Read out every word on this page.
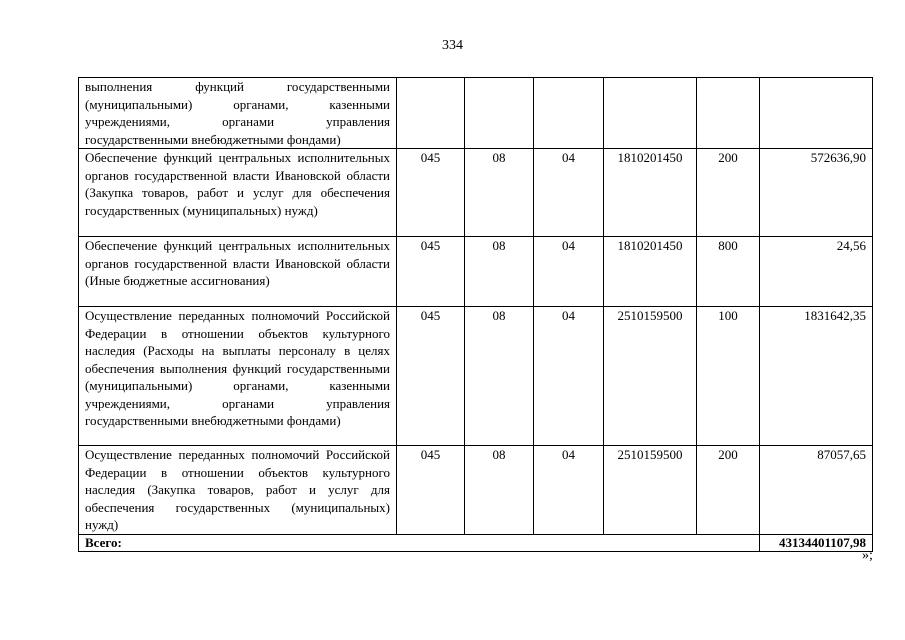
334
выполнения функций государственными (муниципальными) органами, казенными учреждениями, органами управления государственными внебюджетными фондами)						
Обеспечение функций центральных исполнительных органов государственной власти Ивановской области (Закупка товаров, работ и услуг для обеспечения государственных (муниципальных) нужд)	045	08	04	1810201450	200	572636,90
Обеспечение функций центральных исполнительных органов государственной власти Ивановской области (Иные бюджетные ассигнования)	045	08	04	1810201450	800	24,56
Осуществление переданных полномочий Российской Федерации в отношении объектов культурного наследия (Расходы на выплаты персоналу в целях обеспечения выполнения функций государственными (муниципальными) органами, казенными учреждениями, органами управления государственными внебюджетными фондами)	045	08	04	2510159500	100	1831642,35
Осуществление переданных полномочий Российской Федерации в отношении объектов культурного наследия (Закупка товаров, работ и услуг для обеспечения государственных (муниципальных) нужд)	045	08	04	2510159500	200	87057,65
Всего:						43134401107,98
»;
